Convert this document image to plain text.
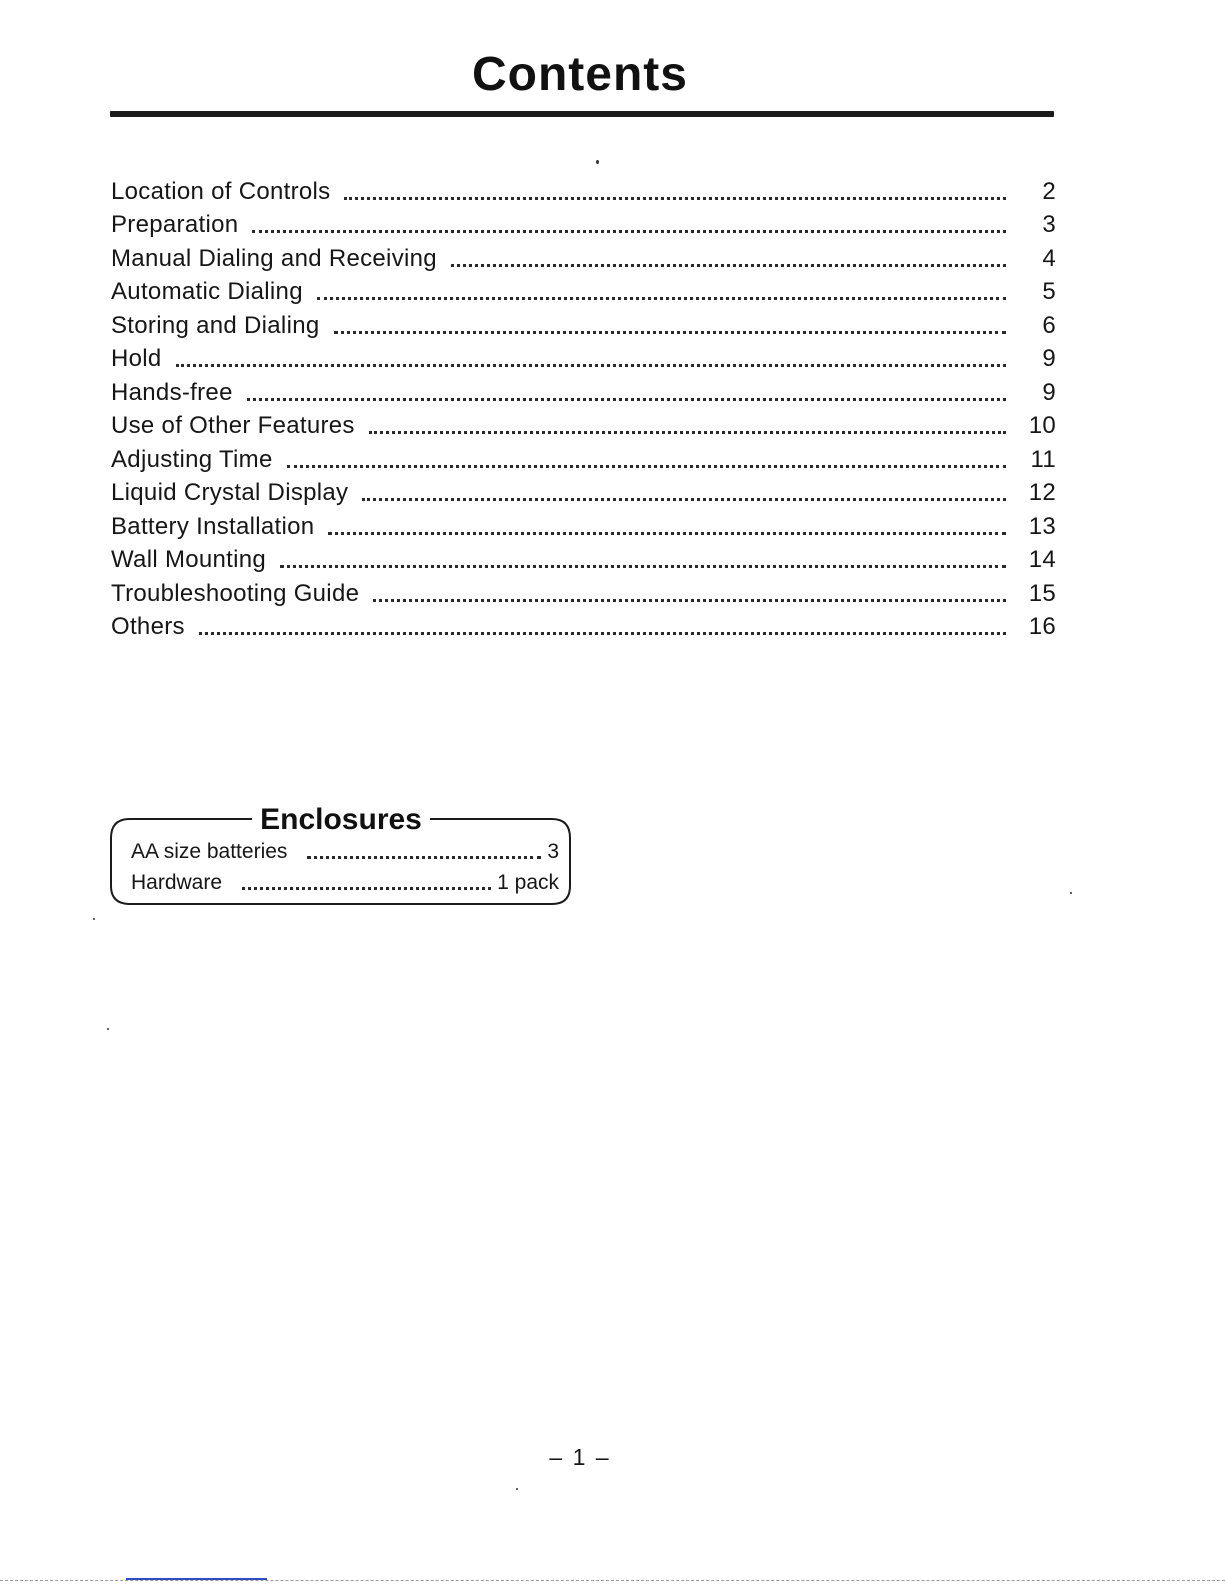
Contents
Location of Controls	2
Preparation	3
Manual Dialing and Receiving	4
Automatic Dialing	5
Storing and Dialing	6
Hold	9
Hands-free	9
Use of Other Features	10
Adjusting Time	11
Liquid Crystal Display	12
Battery Installation	13
Wall Mounting	14
Troubleshooting Guide	15
Others	16
Enclosures
AA size batteries	3
Hardware	1 pack
– 1 –
